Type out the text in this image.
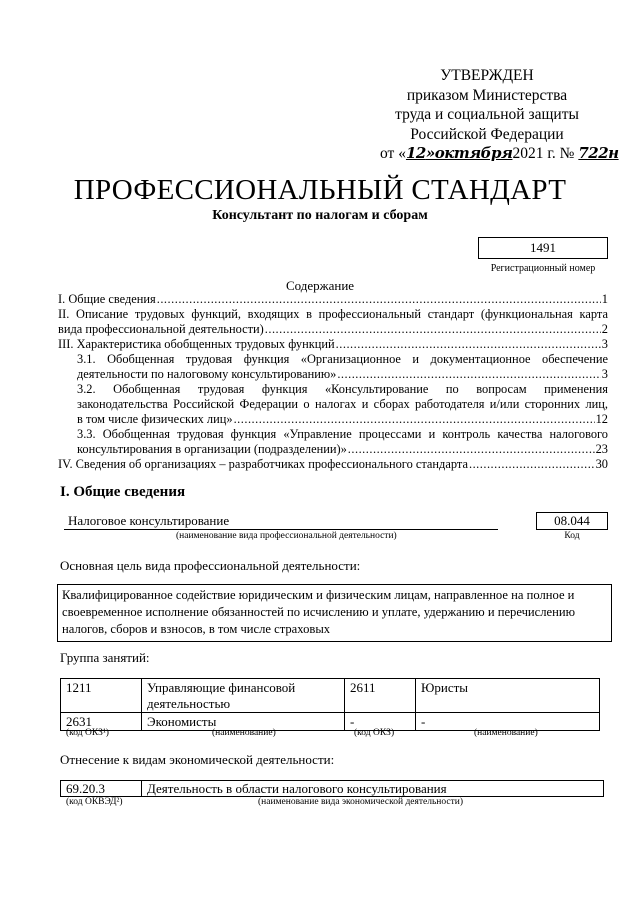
УТВЕРЖДЕН
приказом Министерства
труда и социальной защиты
Российской Федерации
от «12»октября2021 г. № 722н
ПРОФЕССИОНАЛЬНЫЙ СТАНДАРТ
Консультант по налогам и сборам
1491
Регистрационный номер
Содержание
I. Общие сведения .....	1
II. Описание трудовых функций, входящих в профессиональный стандарт (функциональная карта
вида профессиональной деятельности) .....	2
III. Характеристика обобщенных трудовых функций .....	3
3.1. Обобщенная трудовая функция «Организационное и документационное обеспечение
деятельности по налоговому консультированию» .....	3
3.2. Обобщенная трудовая функция «Консультирование по вопросам применения
законодательства Российской Федерации о налогах и сборах работодателя и/или сторонних лиц,
в том числе физических лиц» .....	12
3.3. Обобщенная трудовая функция «Управление процессами и контроль качества налогового
консультирования в организации (подразделении)» .....	23
IV. Сведения об организациях – разработчиках профессионального стандарта .....	30
I. Общие сведения
Налоговое консультирование
(наименование вида профессиональной деятельности)
08.044
Код
Основная цель вида профессиональной деятельности:
Квалифицированное содействие юридическим и физическим лицам, направленное на полное и своевременное исполнение обязанностей по исчислению и уплате, удержанию и перечислению налогов, сборов и взносов, в том числе страховых
Группа занятий:
1211	Управляющие финансовой деятельностью	2611	Юристы
2631	Экономисты	-	-
(код ОКЗ¹)	(наименование)	(код ОКЗ)	(наименование)
Отнесение к видам экономической деятельности:
69.20.3	Деятельность в области налогового консультирования
(код ОКВЭД²)	(наименование вида экономической деятельности)
